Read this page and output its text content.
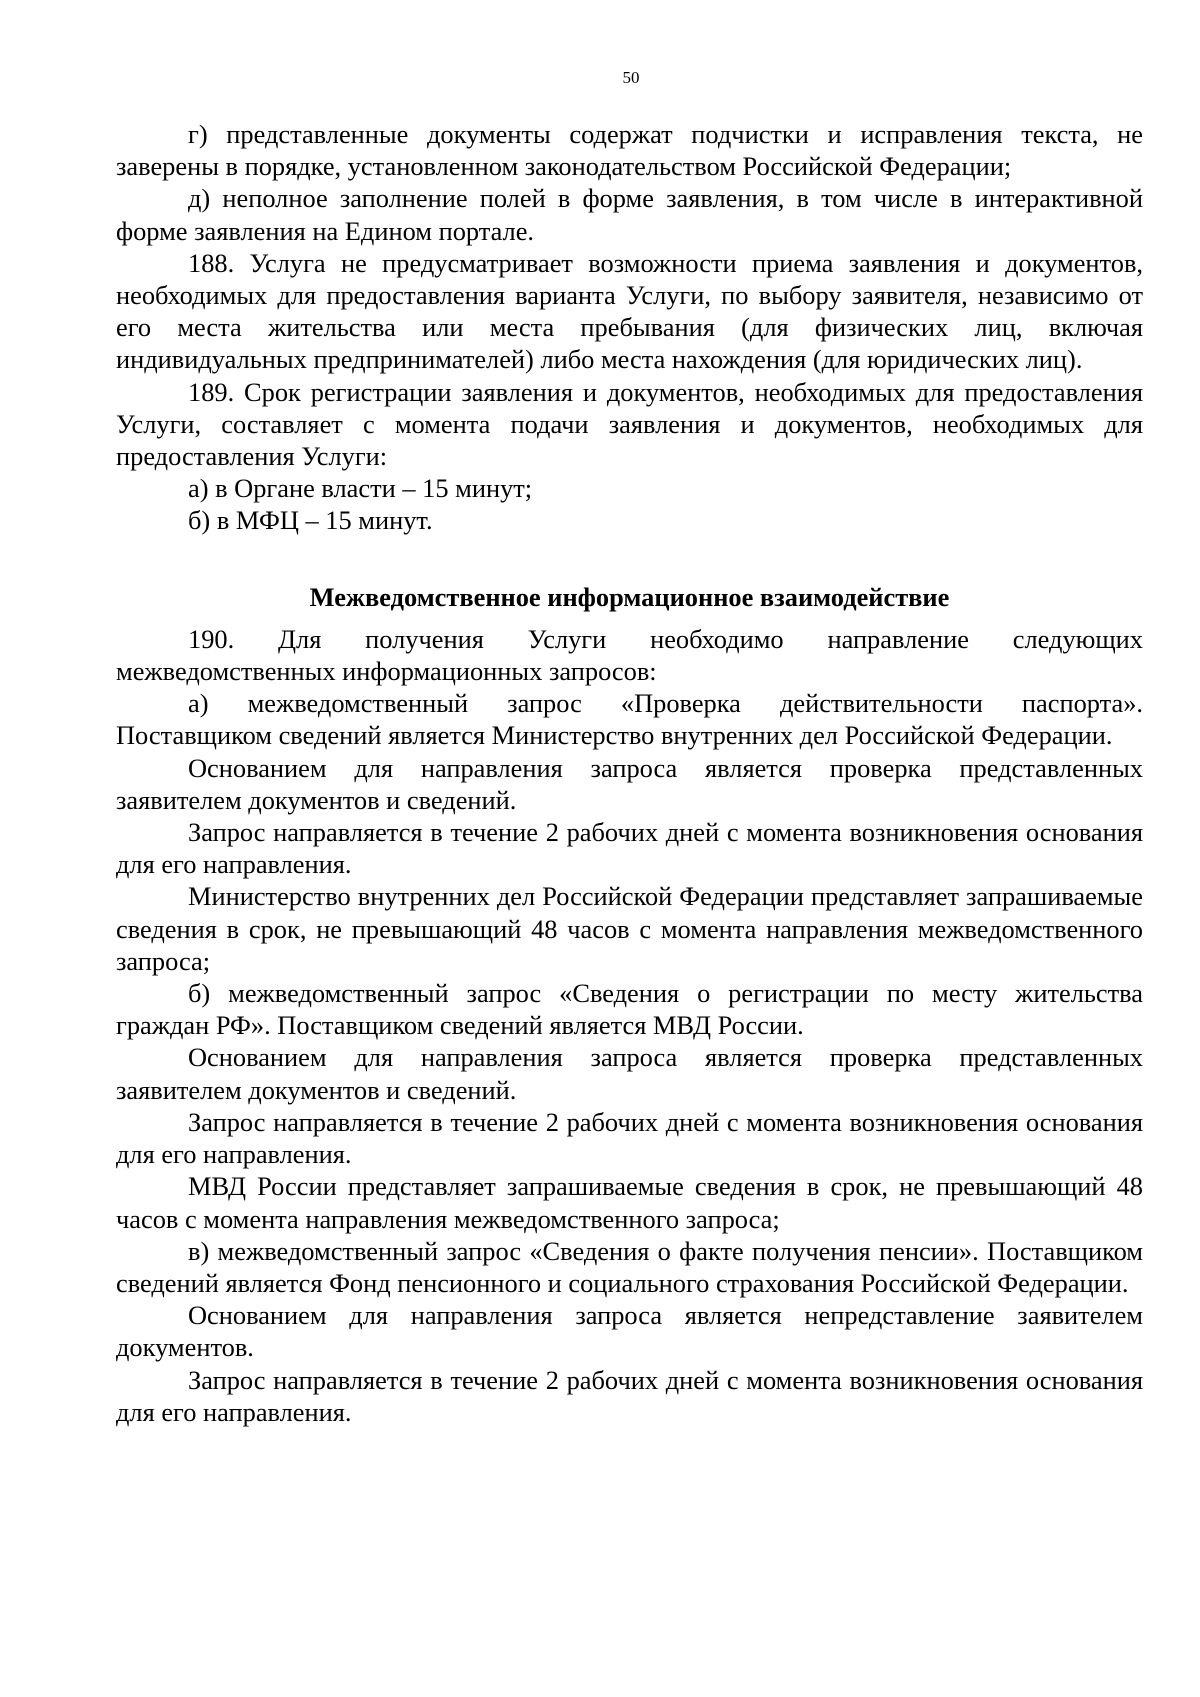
50

г) представленные документы содержат подчистки и исправления текста, не заверены в порядке, установленном законодательством Российской Федерации;

д) неполное заполнение полей в форме заявления, в том числе в интерактивной форме заявления на Едином портале.

188. Услуга не предусматривает возможности приема заявления и документов, необходимых для предоставления варианта Услуги, по выбору заявителя, независимо от его места жительства или места пребывания (для физических лиц, включая индивидуальных предпринимателей) либо места нахождения (для юридических лиц).

189. Срок регистрации заявления и документов, необходимых для предоставления Услуги, составляет с момента подачи заявления и документов, необходимых для предоставления Услуги:

а) в Органе власти – 15 минут;

б) в МФЦ – 15 минут.

Межведомственное информационное взаимодействие

190. Для получения Услуги необходимо направление следующих межведомственных информационных запросов:

а) межведомственный запрос «Проверка действительности паспорта». Поставщиком сведений является Министерство внутренних дел Российской Федерации.

Основанием для направления запроса является проверка представленных заявителем документов и сведений.

Запрос направляется в течение 2 рабочих дней с момента возникновения основания для его направления.

Министерство внутренних дел Российской Федерации представляет запрашиваемые сведения в срок, не превышающий 48 часов с момента направления межведомственного запроса;

б) межведомственный запрос «Сведения о регистрации по месту жительства граждан РФ». Поставщиком сведений является МВД России.

Основанием для направления запроса является проверка представленных заявителем документов и сведений.

Запрос направляется в течение 2 рабочих дней с момента возникновения основания для его направления.

МВД России представляет запрашиваемые сведения в срок, не превышающий 48 часов с момента направления межведомственного запроса;

в) межведомственный запрос «Сведения о факте получения пенсии». Поставщиком сведений является Фонд пенсионного и социального страхования Российской Федерации.

Основанием для направления запроса является непредставление заявителем документов.

Запрос направляется в течение 2 рабочих дней с момента возникновения основания для его направления.
